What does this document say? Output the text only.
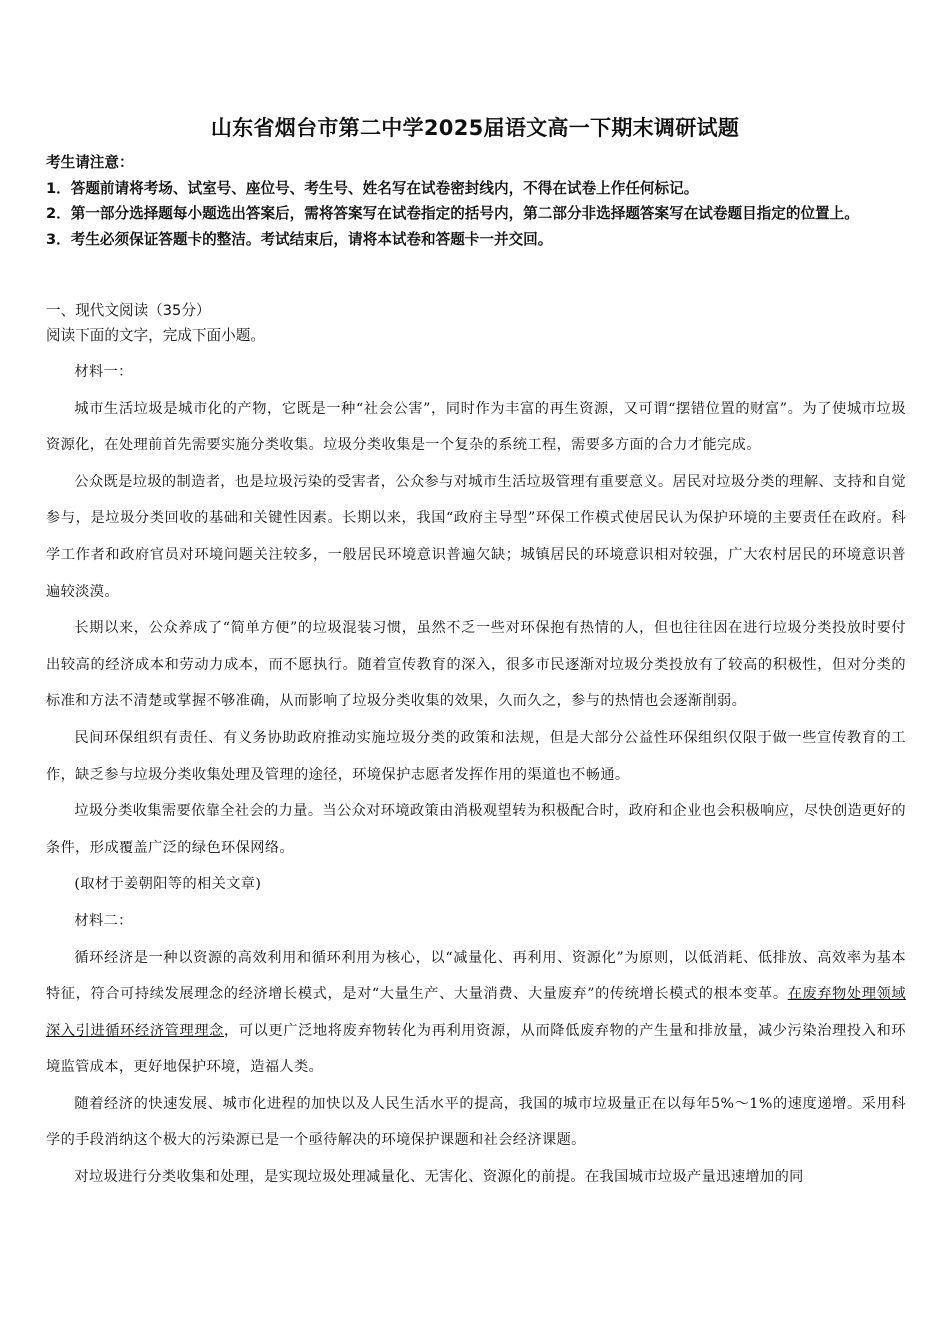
山东省烟台市第二中学2025届语文高一下期末调研试题

考生请注意：

1．答题前请将考场、试室号、座位号、考生号、姓名写在试卷密封线内，不得在试卷上作任何标记。

2．第一部分选择题每小题选出答案后，需将答案写在试卷指定的括号内，第二部分非选择题答案写在试卷题目指定的位置上。

3．考生必须保证答题卡的整洁。考试结束后，请将本试卷和答题卡一并交回。

一、现代文阅读（35分）
阅读下面的文字，完成下面小题。

材料一：

城市生活垃圾是城市化的产物，它既是一种“社会公害”，同时作为丰富的再生资源，又可谓“摆错位置的财富”。为了使城市垃圾资源化，在处理前首先需要实施分类收集。垃圾分类收集是一个复杂的系统工程，需要多方面的合力才能完成。

公众既是垃圾的制造者，也是垃圾污染的受害者，公众参与对城市生活垃圾管理有重要意义。居民对垃圾分类的理解、支持和自觉参与，是垃圾分类回收的基础和关键性因素。长期以来，我国“政府主导型”环保工作模式使居民认为保护环境的主要责任在政府。科学工作者和政府官员对环境问题关注较多，一般居民环境意识普遍欠缺；城镇居民的环境意识相对较强，广大农村居民的环境意识普遍较淡漠。

长期以来，公众养成了“简单方便”的垃圾混装习惯，虽然不乏一些对环保抱有热情的人，但也往往因在进行垃圾分类投放时要付出较高的经济成本和劳动力成本，而不愿执行。随着宣传教育的深入，很多市民逐渐对垃圾分类投放有了较高的积极性，但对分类的标准和方法不清楚或掌握不够准确，从而影响了垃圾分类收集的效果，久而久之，参与的热情也会逐渐削弱。

民间环保组织有责任、有义务协助政府推动实施垃圾分类的政策和法规，但是大部分公益性环保组织仅限于做一些宣传教育的工作，缺乏参与垃圾分类收集处理及管理的途径，环境保护志愿者发挥作用的渠道也不畅通。

垃圾分类收集需要依靠全社会的力量。当公众对环境政策由消极观望转为积极配合时，政府和企业也会积极响应，尽快创造更好的条件，形成覆盖广泛的绿色环保网络。

(取材于姜朝阳等的相关文章)

材料二：

循环经济是一种以资源的高效利用和循环利用为核心，以“减量化、再利用、资源化”为原则，以低消耗、低排放、高效率为基本特征，符合可持续发展理念的经济增长模式，是对“大量生产、大量消费、大量废弃”的传统增长模式的根本变革。在废弃物处理领域深入引进循环经济管理理念，可以更广泛地将废弃物转化为再利用资源，从而降低废弃物的产生量和排放量，减少污染治理投入和环境监管成本，更好地保护环境，造福人类。

随着经济的快速发展、城市化进程的加快以及人民生活水平的提高，我国的城市垃圾量正在以每年5%～1%的速度递增。采用科学的手段消纳这个极大的污染源已是一个亟待解决的环境保护课题和社会经济课题。

对垃圾进行分类收集和处理，是实现垃圾处理减量化、无害化、资源化的前提。在我国城市垃圾产量迅速增加的同
